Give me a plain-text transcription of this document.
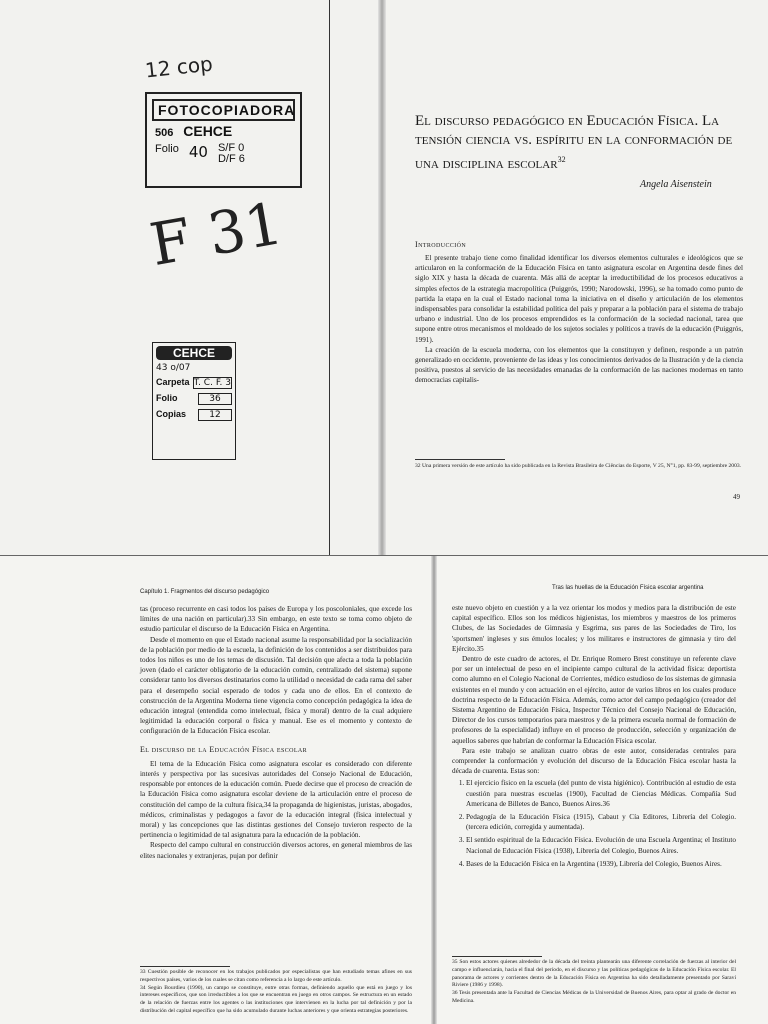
12 cop
F 31
FOTOCOPIADORA
506 CEHCE
Folio 40 S/F 0
D/F 6
CEHCE
43 o/07
Carpeta T. C. F. 3
Folio	36
Copias	12
El discurso pedagógico en Educación Física. La tensión ciencia vs. espíritu en la conformación de una disciplina escolar$^{32}$
Angela Aisenstein
Introducción

El presente trabajo tiene como finalidad identificar los diversos elementos culturales e ideológicos que se articularon en la conformación de la Educación Física en tanto asignatura escolar en Argentina desde fines del siglo XIX y hasta la década de cuarenta. Más allá de aceptar la irreductibilidad de los procesos educativos a simples efectos de la estrategia macropolítica (Puiggrós, 1990; Narodowski, 1996), se ha tomado como punto de partida la etapa en la cual el Estado nacional toma la iniciativa en el diseño y articulación de los elementos indispensables para consolidar la estabilidad política del país y preparar a la población para el sistema de trabajo urbano e industrial. Uno de los procesos emprendidos es la conformación de la sociedad nacional, tarea que supone entre otros mecanismos el moldeado de los sujetos sociales y políticos a través de la educación (Puiggrós, 1991).

La creación de la escuela moderna, con los elementos que la constituyen y definen, responde a un patrón generalizado en occidente, proveniente de las ideas y los conocimientos derivados de la Ilustración y de la ciencia positiva, puestos al servicio de las necesidades emanadas de la conformación de las naciones modernas en tanto democracias capitalis-

32 Una primera versión de este artículo ha sido publicada en la Revista Brasileira de Ciências do Esporte, V 25, N°1, pp. 83-99, septiembre 2003.
49
Capítulo 1. Fragmentos del discurso pedagógico

tas (proceso recurrente en casi todos los países de Europa y los poscoloniales, que excede los límites de una nación en particular).33 Sin embargo, en este texto se toma como objeto de estudio particular el discurso de la Educación Física en Argentina.

Desde el momento en que el Estado nacional asume la responsabilidad por la socialización de la población por medio de la escuela, la definición de los contenidos a ser distribuidos para todos los niños es uno de los temas de discusión. Tal decisión que afecta a toda la población joven (dado el carácter obligatorio de la educación común, centralizado del sistema) supone considerar tanto los diversos destinatarios como la utilidad o necesidad de cada rama del saber para el desempeño social esperado de todos y cada uno de ellos. En el contexto de construcción de la Argentina Moderna tiene vigencia como concepción pedagógica la idea de educación integral (entendida como intelectual, física y moral) dentro de la cual adquiere legitimidad la educación corporal o física y manual. Ese es el momento y contexto de configuración de la Educación Física escolar.

El discurso de la Educación Física escolar

El tema de la Educación Física como asignatura escolar es considerado con diferente interés y perspectiva por las sucesivas autoridades del Consejo Nacional de Educación, responsable por entonces de la educación común. Puede decirse que el proceso de creación de la Educación Física como asignatura escolar deviene de la articulación entre el proceso de constitución del campo de la cultura física,34 la propaganda de higienistas, juristas, abogados, médicos, criminalistas y pedagogos a favor de la educación integral (física intelectual y moral) y las concepciones que las distintas gestiones del Consejo tuvieron respecto de la pertinencia o legitimidad de tal asignatura para la educación de la población.

Respecto del campo cultural en construcción diversos actores, en general miembros de las elites nacionales y extranjeras, pujan por definir

33 Cuestión posible de reconocer en los trabajos publicados por especialistas que han estudiado temas afines en sus respectivos países, varios de los cuales se citan como referencia a lo largo de este artículo.
34 Según Bourdieu (1990), un campo se constituye, entre otras formas, definiendo aquello que está en juego y los intereses específicos, que son irreductibles a los que se encuentran en juego en otros campos. Se estructura en un estado de la relación de fuerzas entre los agentes o las instituciones que intervienen en la lucha por tal definición y por la distribución del capital específico que ha sido acumulado durante luchas anteriores y que orienta estrategias posteriores.
Tras las huellas de la Educación Física escolar argentina

este nuevo objeto en cuestión y a la vez orientar los modos y medios para la distribución de este capital específico. Ellos son los médicos higienistas, los miembros y maestros de los primeros Clubes, de las Sociedades de Gimnasia y Esgrima, sus pares de las Sociedades de Tiro, los 'sportsmen' ingleses y sus émulos locales; y los militares e instructores de gimnasia y tiro del Ejército.35

Dentro de este cuadro de actores, el Dr. Enrique Romero Brest constituye un referente clave por ser un intelectual de peso en el incipiente campo cultural de la actividad física: deportista como alumno en el Colegio Nacional de Corrientes, médico estudioso de los sistemas de gimnasia existentes en el mundo y con actuación en el ejército, autor de varios libros en los cuales produce doctrina respecto de la Educación Física. Además, como actor del campo pedagógico (creador del Sistema Argentino de Educación Física, Inspector Técnico del Consejo Nacional de Educación, Director de los cursos temporarios para maestros y de la primera escuela normal de formación de profesores de la especialidad) influye en el proceso de producción, selección y organización de aquellos saberes que habrían de conformar la Educación Física escolar.

Para este trabajo se analizan cuatro obras de este autor, consideradas centrales para comprender la conformación y evolución del discurso de la Educación Física escolar hasta la década de cuarenta. Estas son:

1. El ejercicio físico en la escuela (del punto de vista higiénico). Contribución al estudio de esta cuestión para nuestras escuelas (1900), Facultad de Ciencias Médicas. Compañía Sud Americana de Billetes de Banco, Buenos Aires.36
2. Pedagogía de la Educación Física (1915), Cabaut y Cía Editores, Librería del Colegio. (tercera edición, corregida y aumentada).
3. El sentido espiritual de la Educación Física. Evolución de una Escuela Argentina; el Instituto Nacional de Educación Física (1938), Librería del Colegio, Buenos Aires.
4. Bases de la Educación Física en la Argentina (1939), Librería del Colegio, Buenos Aires.
35 Son estos actores quienes alrededor de la década del treinta plantearán una diferente correlación de fuerzas al interior del campo e influenciarán, hacia el final del período, en el discurso y las políticas pedagógicas de la Educación Física escolar. El panorama de actores y corrientes dentro de la Educación Física en Argentina ha sido detalladamente presentado por Saraví Riviere (1986 y 1998).
36 Tesis presentada ante la Facultad de Ciencias Médicas de la Universidad de Buenos Aires, para optar al grado de doctor en Medicina.
